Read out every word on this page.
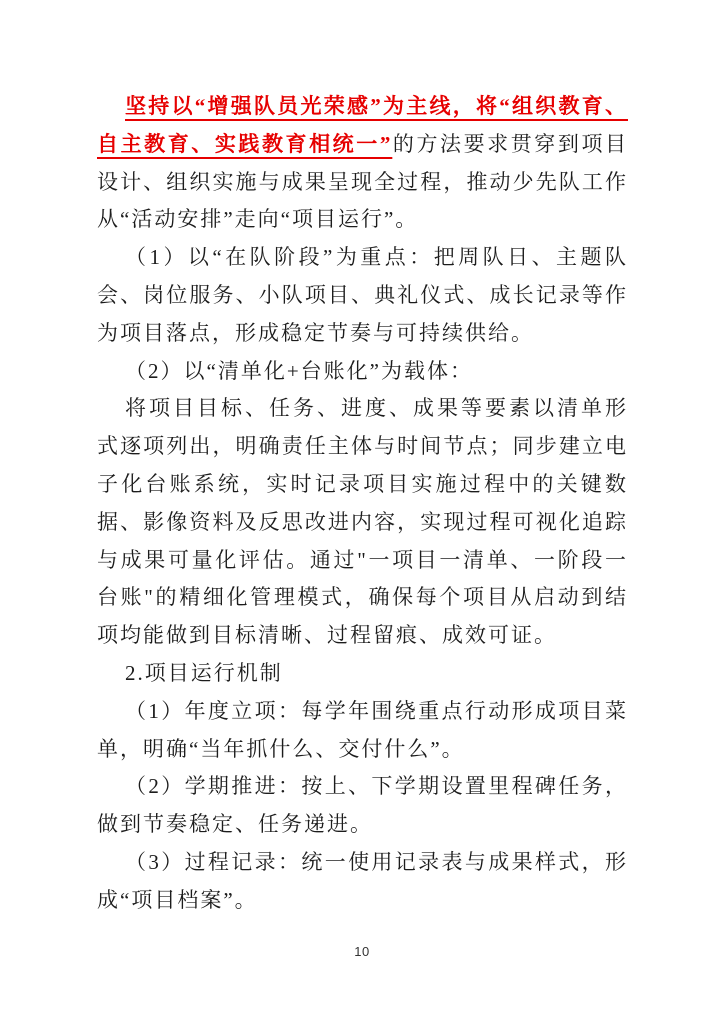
坚持以“增强队员光荣感”为主线，将“组织教育、自主教育、实践教育相统一”的方法要求贯穿到项目设计、组织实施与成果呈现全过程，推动少先队工作从“活动安排”走向“项目运行”。

（1）以“在队阶段”为重点：把周队日、主题队会、岗位服务、小队项目、典礼仪式、成长记录等作为项目落点，形成稳定节奏与可持续供给。

（2）以“清单化+台账化”为载体：

将项目目标、任务、进度、成果等要素以清单形式逐项列出，明确责任主体与时间节点；同步建立电子化台账系统，实时记录项目实施过程中的关键数据、影像资料及反思改进内容，实现过程可视化追踪与成果可量化评估。通过"一项目一清单、一阶段一台账"的精细化管理模式，确保每个项目从启动到结项均能做到目标清晰、过程留痕、成效可证。

2.项目运行机制

（1）年度立项：每学年围绕重点行动形成项目菜单，明确“当年抓什么、交付什么”。

（2）学期推进：按上、下学期设置里程碑任务，做到节奏稳定、任务递进。

（3）过程记录：统一使用记录表与成果样式，形成“项目档案”。

10
